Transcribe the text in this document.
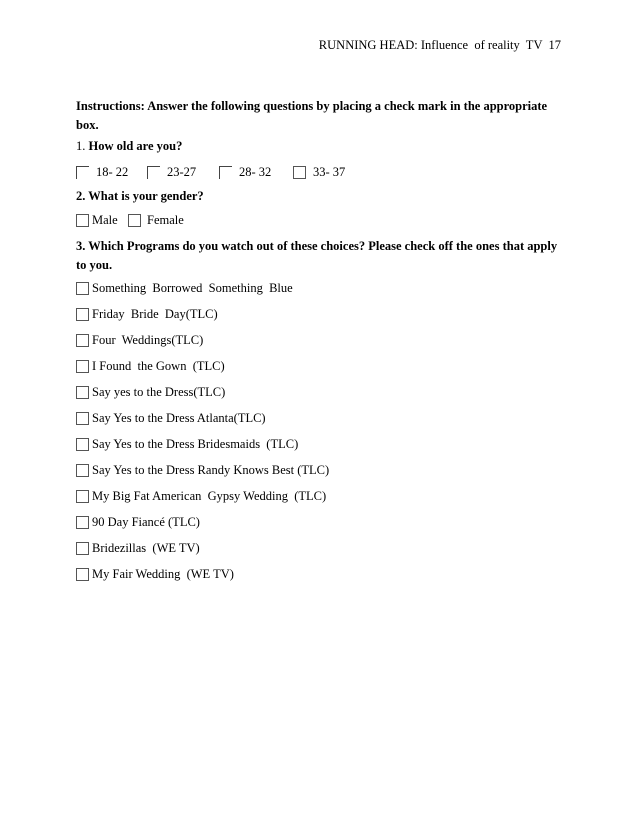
RUNNING HEAD: Influence  of reality  TV  17
Instructions: Answer the following questions by placing a check mark in the appropriate box.
1. How old are you?
18- 22	23-27	28- 32	33- 37
2. What is your gender?
Male Female
3. Which Programs do you watch out of these choices? Please check off the ones that apply to you.
Something  Borrowed  Something  Blue
Friday  Bride  Day(TLC)
Four  Weddings(TLC)
I Found  the Gown  (TLC)
Say yes to the Dress(TLC)
Say Yes to the Dress Atlanta(TLC)
Say Yes to the Dress Bridesmaids  (TLC)
Say Yes to the Dress Randy Knows Best (TLC)
My Big Fat American  Gypsy Wedding  (TLC)
90 Day Fiancé (TLC)
Bridezillas  (WE TV)
My Fair Wedding  (WE TV)
